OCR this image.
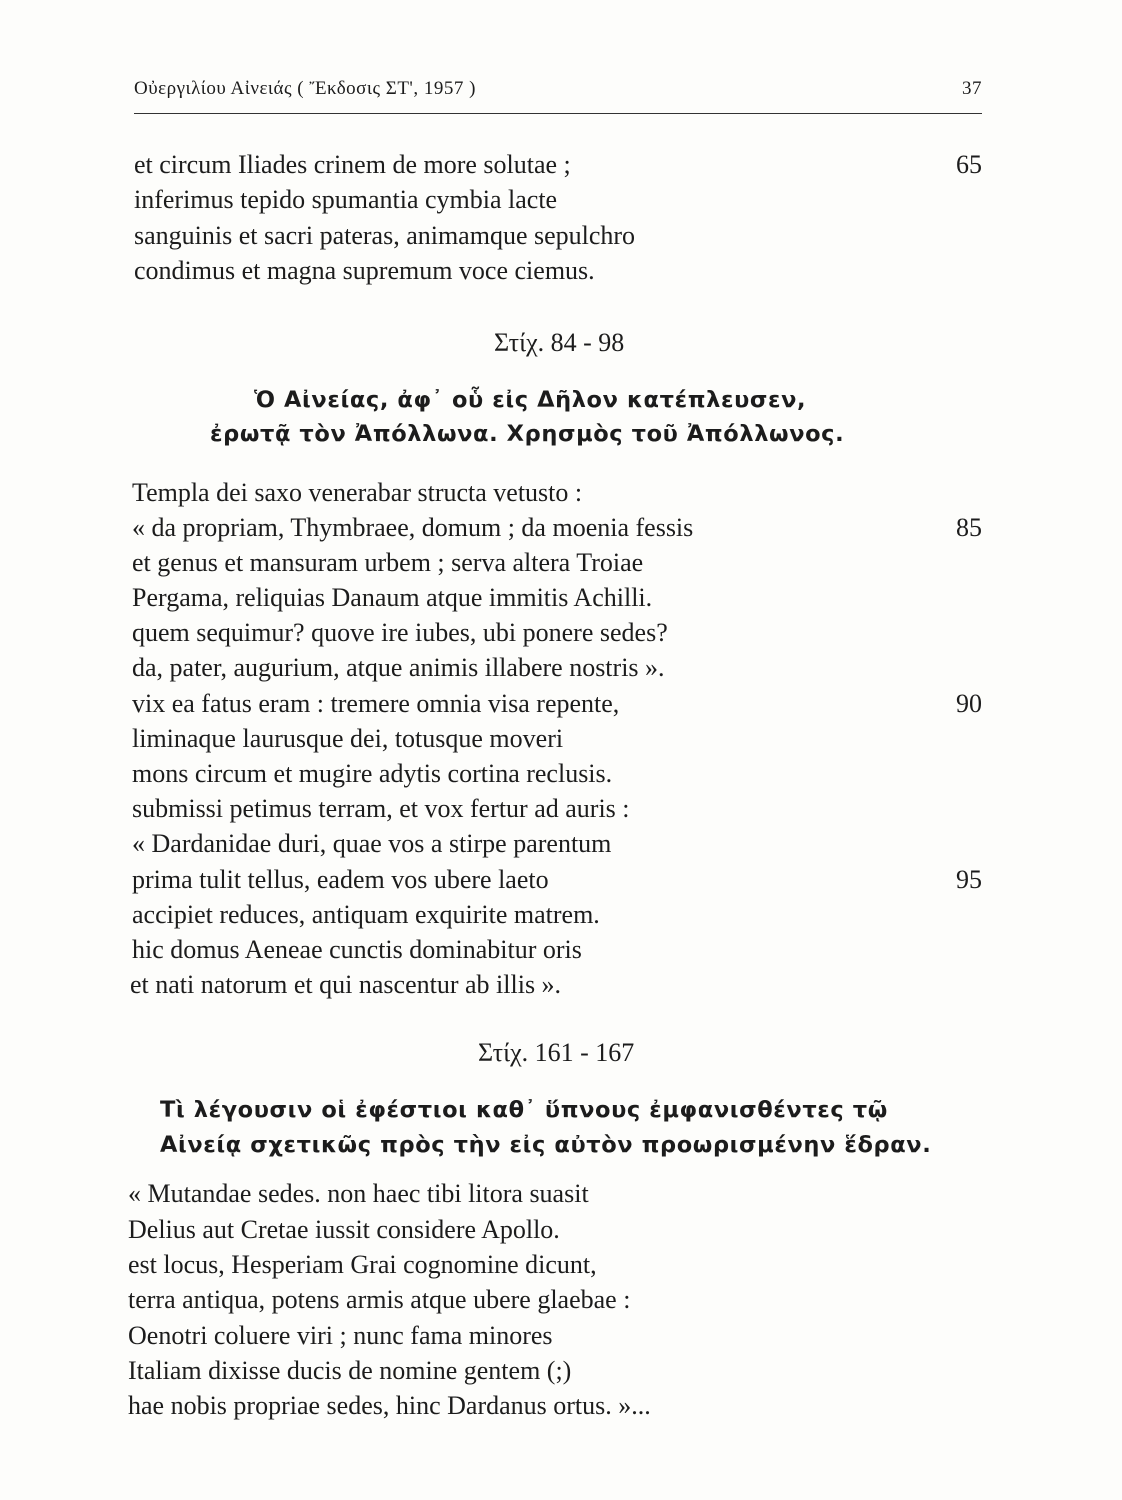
Οὐεργιλίου Αἰνειάς ( Ἔκδοσις ΣΤ', 1957 )	37
et circum Iliades crinem de more solutae ;	65
inferimus tepido spumantia cymbia lacte
sanguinis et sacri pateras, animamque sepulchro
condimus et magna supremum voce ciemus.
Στίχ. 84 - 98
Ὁ Αἰνείας, ἀφ᾽ οὗ εἰς Δῆλον κατέπλευσεν,
ἐρωτᾷ τὸν Ἀπόλλωνα. Χρησμὸς τοῦ Ἀπόλλωνος.
Templa dei saxo venerabar structa vetusto :
« da propriam, Thymbraee, domum ; da moenia fessis	85
et genus et mansuram urbem ; serva altera Troiae
Pergama, reliquias Danaum atque immitis Achilli.
quem sequimur? quove ire iubes, ubi ponere sedes?
da, pater, augurium, atque animis illabere nostris ».
vix ea fatus eram : tremere omnia visa repente,	90
liminaque laurusque dei, totusque moveri
mons circum et mugire adytis cortina reclusis.
submissi petimus terram, et vox fertur ad auris :
« Dardanidae duri, quae vos a stirpe parentum
prima tulit tellus, eadem vos ubere laeto	95
accipiet reduces, antiquam exquirite matrem.
hic domus Aeneae cunctis dominabitur oris
et nati natorum et qui nascentur ab illis ».
Στίχ. 161 - 167
Τὶ λέγουσιν οἱ ἐφέστιοι καθ᾽ ὕπνους ἐμφανισθέντες τῷ
Αἰνείᾳ σχετικῶς πρὸς τὴν εἰς αὐτὸν προωρισμένην ἕδραν.
« Mutandae sedes. non haec tibi litora suasit
Delius aut Cretae iussit considere Apollo.
est locus, Hesperiam Grai cognomine dicunt,
terra antiqua, potens armis atque ubere glaebae :
Oenotri coluere viri ; nunc fama minores
Italiam dixisse ducis de nomine gentem (;)
hae nobis propriae sedes, hinc Dardanus ortus. »...
